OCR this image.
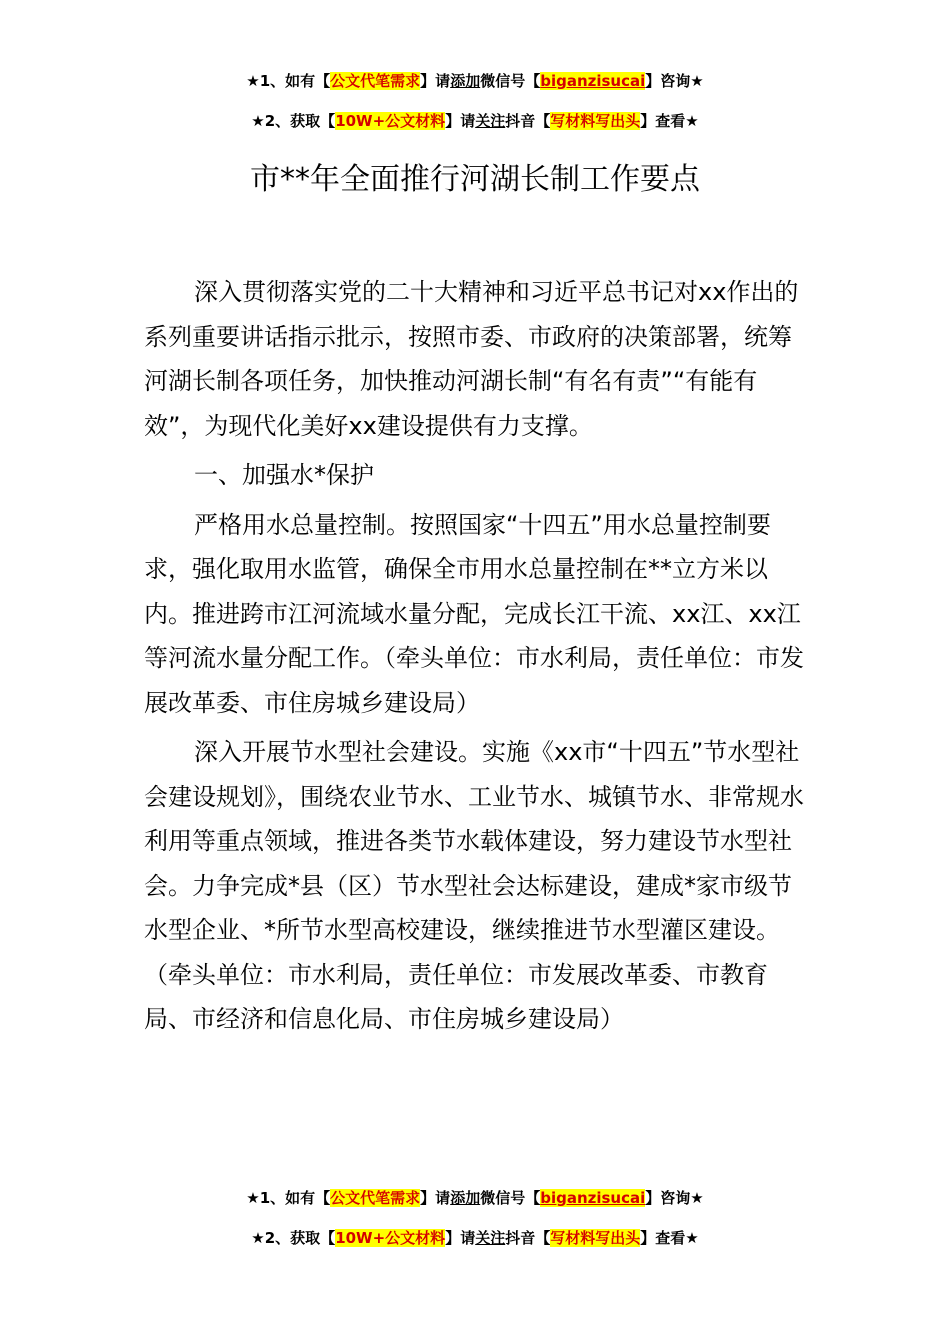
★1、如有【公文代笔需求】请添加微信号【biganzisucai】咨询★
★2、获取【10W+公文材料】请关注抖音【写材料写出头】查看★
市**年全面推行河湖长制工作要点

深入贯彻落实党的二十大精神和习近平总书记对xx作出的系列重要讲话指示批示，按照市委、市政府的决策部署，统筹河湖长制各项任务，加快推动河湖长制“有名有责”“有能有效”，为现代化美好xx建设提供有力支撑。

一、加强水*保护

严格用水总量控制。按照国家“十四五”用水总量控制要求，强化取用水监管，确保全市用水总量控制在**立方米以内。推进跨市江河流域水量分配，完成长江干流、xx江、xx江等河流水量分配工作。（牵头单位：市水利局，责任单位：市发展改革委、市住房城乡建设局）

深入开展节水型社会建设。实施《xx市“十四五”节水型社会建设规划》，围绕农业节水、工业节水、城镇节水、非常规水利用等重点领域，推进各类节水载体建设，努力建设节水型社会。力争完成*县（区）节水型社会达标建设，建成*家市级节水型企业、*所节水型高校建设，继续推进节水型灌区建设。（牵头单位：市水利局，责任单位：市发展改革委、市教育局、市经济和信息化局、市住房城乡建设局）

★1、如有【公文代笔需求】请添加微信号【biganzisucai】咨询★
★2、获取【10W+公文材料】请关注抖音【写材料写出头】查看★
